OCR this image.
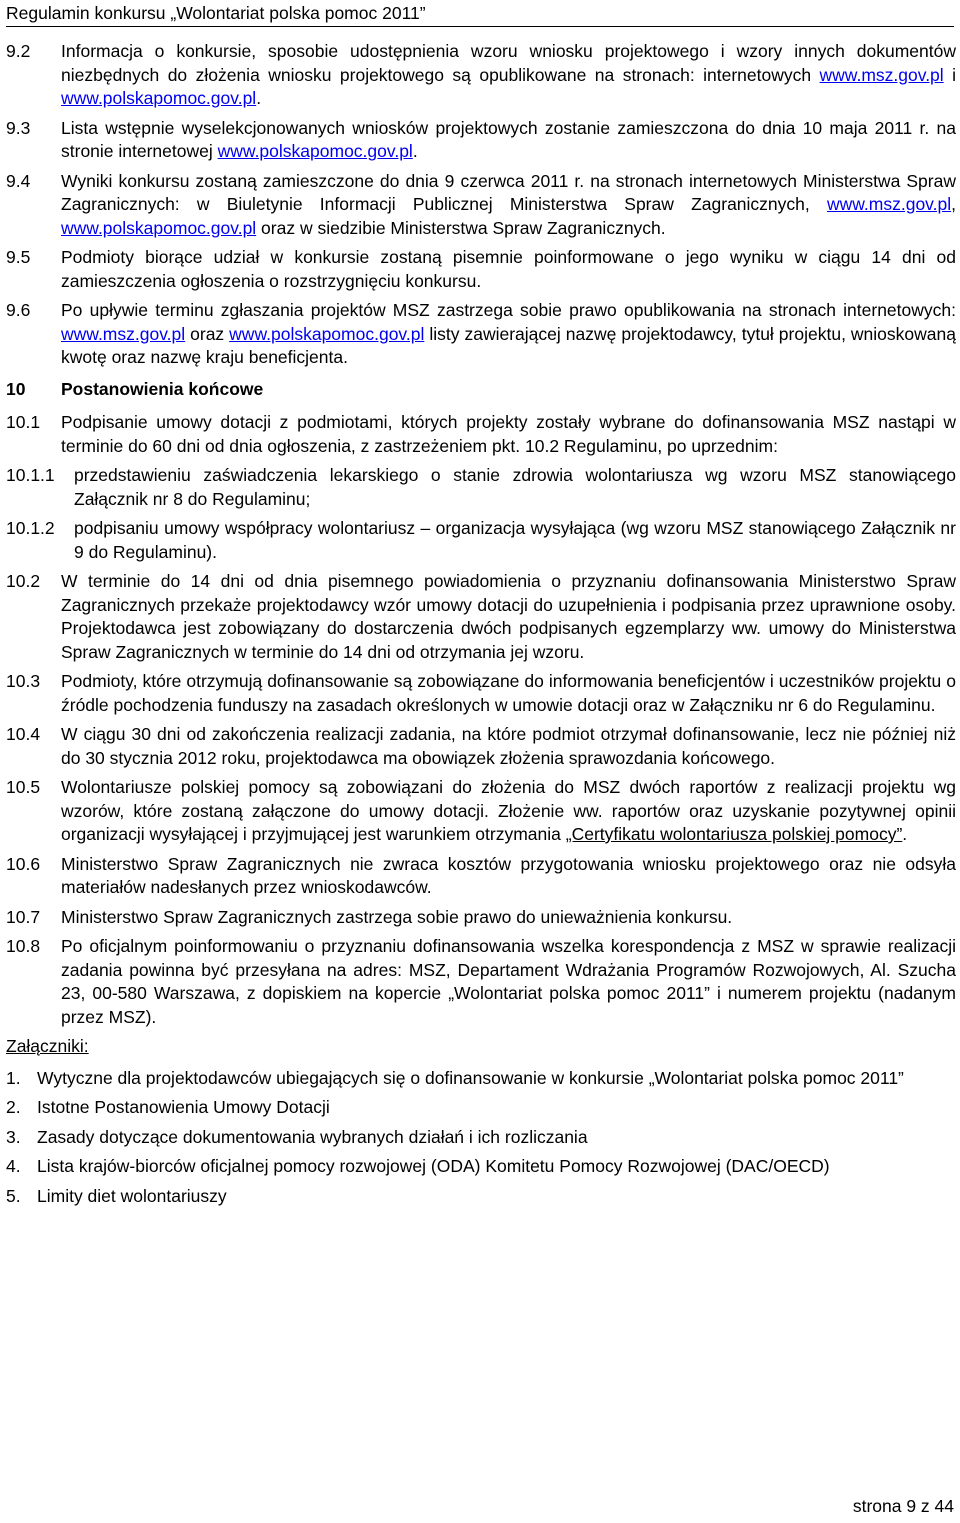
Regulamin konkursu „Wolontariat polska pomoc 2011”
9.2	Informacja o konkursie, sposobie udostępnienia wzoru wniosku projektowego i wzory innych dokumentów niezbędnych do złożenia wniosku projektowego są opublikowane na stronach: internetowych www.msz.gov.pl i www.polskapomoc.gov.pl.
9.3	Lista wstępnie wyselekcjonowanych wniosków projektowych zostanie zamieszczona do dnia 10 maja 2011 r. na stronie internetowej www.polskapomoc.gov.pl.
9.4	Wyniki konkursu zostaną zamieszczone do dnia 9 czerwca 2011 r. na stronach internetowych Ministerstwa Spraw Zagranicznych: w Biuletynie Informacji Publicznej Ministerstwa Spraw Zagranicznych, www.msz.gov.pl, www.polskapomoc.gov.pl oraz w siedzibie Ministerstwa Spraw Zagranicznych.
9.5	Podmioty biorące udział w konkursie zostaną pisemnie poinformowane o jego wyniku w ciągu 14 dni od zamieszczenia ogłoszenia o rozstrzygnięciu konkursu.
9.6	Po upływie terminu zgłaszania projektów MSZ zastrzega sobie prawo opublikowania na stronach internetowych: www.msz.gov.pl oraz www.polskapomoc.gov.pl listy zawierającej nazwę projektodawcy, tytuł projektu, wnioskowaną kwotę oraz nazwę kraju beneficjenta.
10	Postanowienia końcowe
10.1	Podpisanie umowy dotacji z podmiotami, których projekty zostały wybrane do dofinansowania MSZ nastąpi w terminie do 60 dni od dnia ogłoszenia, z zastrzeżeniem pkt. 10.2 Regulaminu, po uprzednim:
10.1.1	przedstawieniu zaświadczenia lekarskiego o stanie zdrowia wolontariusza wg wzoru MSZ stanowiącego Załącznik nr 8 do Regulaminu;
10.1.2	podpisaniu umowy współpracy wolontariusz – organizacja wysyłająca (wg wzoru MSZ stanowiącego Załącznik nr 9 do Regulaminu).
10.2	W terminie do 14 dni od dnia pisemnego powiadomienia o przyznaniu dofinansowania Ministerstwo Spraw Zagranicznych przekaże projektodawcy wzór umowy dotacji do uzupełnienia i podpisania przez uprawnione osoby. Projektodawca jest zobowiązany do dostarczenia dwóch podpisanych egzemplarzy ww. umowy do Ministerstwa Spraw Zagranicznych w terminie do 14 dni od otrzymania jej wzoru.
10.3	Podmioty, które otrzymują dofinansowanie są zobowiązane do informowania beneficjentów i uczestników projektu o źródle pochodzenia funduszy na zasadach określonych w umowie dotacji oraz w Załączniku nr 6 do Regulaminu.
10.4	W ciągu 30 dni od zakończenia realizacji zadania, na które podmiot otrzymał dofinansowanie, lecz nie później niż do 30 stycznia 2012 roku, projektodawca ma obowiązek złożenia sprawozdania końcowego.
10.5	Wolontariusze polskiej pomocy są zobowiązani do złożenia do MSZ dwóch raportów z realizacji projektu wg wzorów, które zostaną załączone do umowy dotacji. Złożenie ww. raportów oraz uzyskanie pozytywnej opinii organizacji wysyłającej i przyjmującej jest warunkiem otrzymania „Certyfikatu wolontariusza polskiej pomocy”.
10.6	Ministerstwo Spraw Zagranicznych nie zwraca kosztów przygotowania wniosku projektowego oraz nie odsyła materiałów nadesłanych przez wnioskodawców.
10.7	Ministerstwo Spraw Zagranicznych zastrzega sobie prawo do unieważnienia konkursu.
10.8	Po oficjalnym poinformowaniu o przyznaniu dofinansowania wszelka korespondencja z MSZ w sprawie realizacji zadania powinna być przesyłana na adres: MSZ, Departament Wdrażania Programów Rozwojowych, Al. Szucha 23, 00-580 Warszawa, z dopiskiem na kopercie „Wolontariat polska pomoc 2011” i numerem projektu (nadanym przez MSZ).
Załączniki:
1. Wytyczne dla projektodawców ubiegających się o dofinansowanie w konkursie „Wolontariat polska pomoc 2011”
2. Istotne Postanowienia Umowy Dotacji
3. Zasady dotyczące dokumentowania wybranych działań i ich rozliczania
4. Lista krajów-biorców oficjalnej pomocy rozwojowej (ODA) Komitetu Pomocy Rozwojowej (DAC/OECD)
5. Limity diet wolontariuszy
strona 9 z 44
